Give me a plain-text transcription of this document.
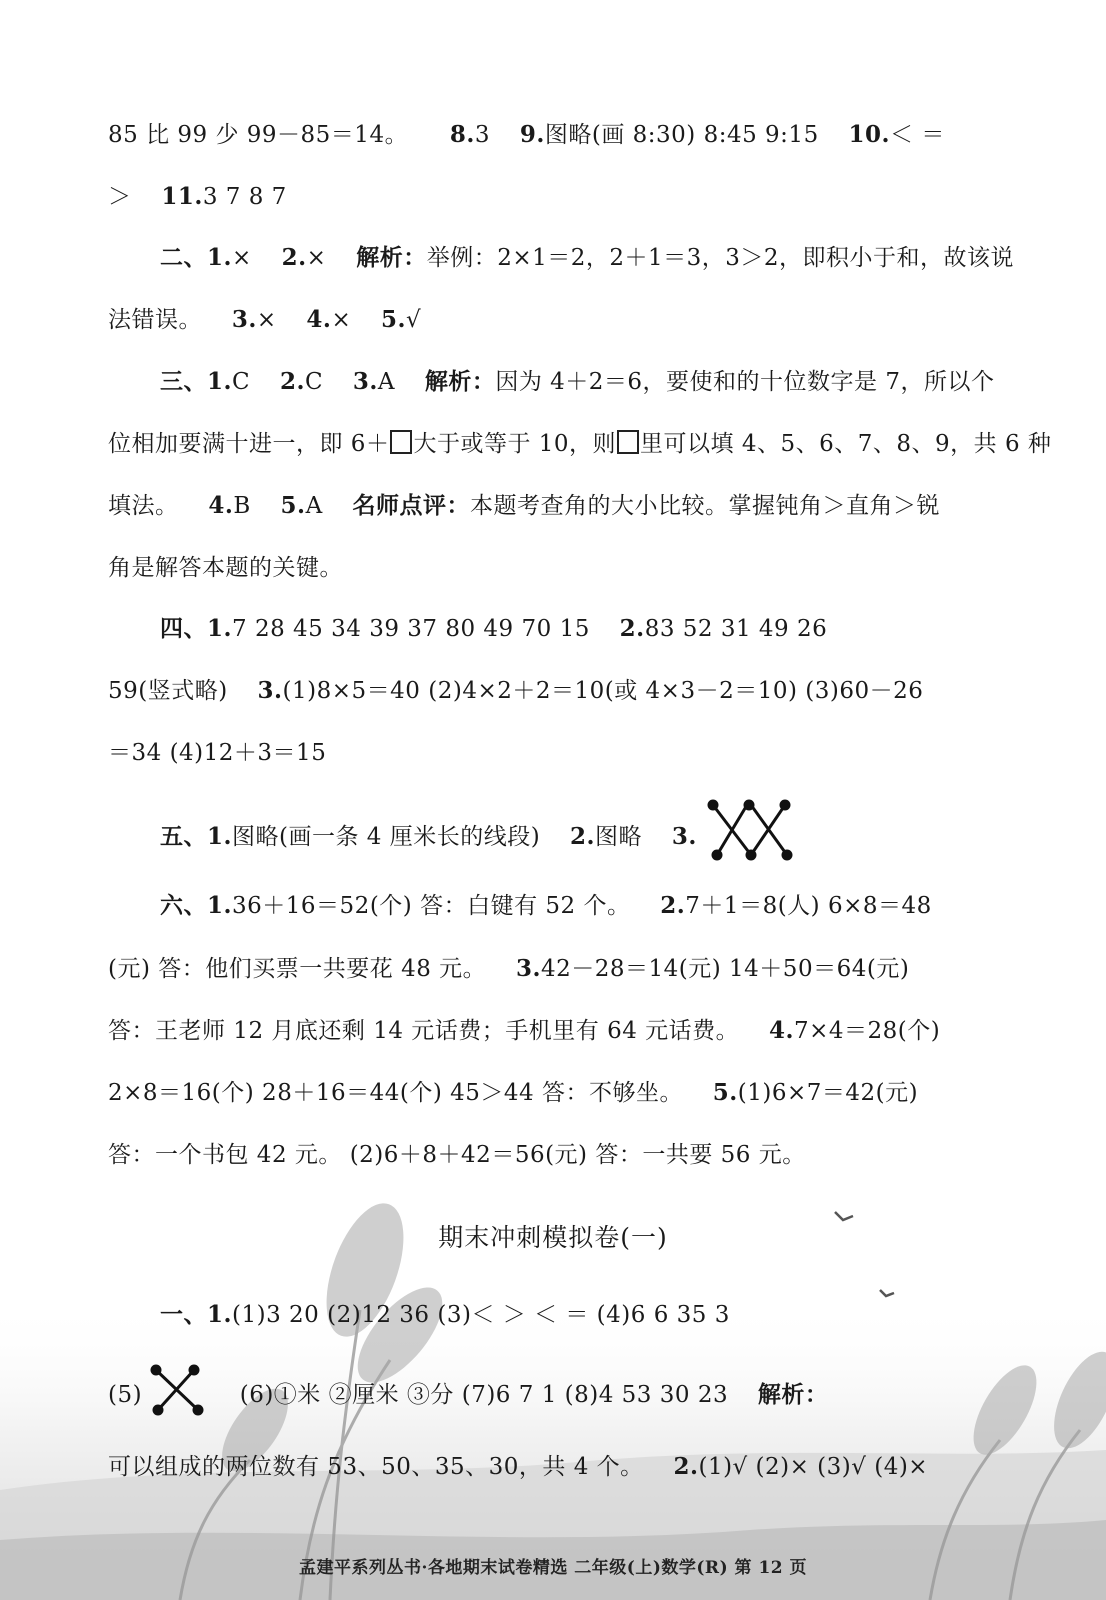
85 比 99 少 99－85＝14。 8.3 9.图略(画 8:30) 8:45 9:15 10.＜ ＝
＞ 11.3 7 8 7
二、1.× 2.× 解析：举例：2×1＝2，2＋1＝3，3＞2，即积小于和，故该说
法错误。 3.× 4.× 5.√
三、1.C 2.C 3.A 解析：因为 4＋2＝6，要使和的十位数字是 7，所以个
位相加要满十进一，即 6＋ 大于或等于 10，则 里可以填 4、5、6、7、8、9，共 6 种
填法。 4.B 5.A 名师点评：本题考查角的大小比较。掌握钝角＞直角＞锐
角是解答本题的关键。
四、1.7 28 45 34 39 37 80 49 70 15 2.83 52 31 49 26
59(竖式略) 3.(1)8×5＝40 (2)4×2＋2＝10(或 4×3－2＝10) (3)60－26
＝34 (4)12＋3＝15
五、1.图略(画一条 4 厘米长的线段) 2.图略 3.
六、1.36＋16＝52(个) 答：白键有 52 个。 2.7＋1＝8(人) 6×8＝48
(元) 答：他们买票一共要花 48 元。 3.42－28＝14(元) 14＋50＝64(元)
答：王老师 12 月底还剩 14 元话费；手机里有 64 元话费。 4.7×4＝28(个)
2×8＝16(个) 28＋16＝44(个) 45＞44 答：不够坐。 5.(1)6×7＝42(元)
答：一个书包 42 元。 (2)6＋8＋42＝56(元) 答：一共要 56 元。
期末冲刺模拟卷(一)
一、1.(1)3 20 (2)12 36 (3)＜ ＞ ＜ ＝ (4)6 6 35 3
(5)	(6)①米 ②厘米 ③分 (7)6 7 1 (8)4 53 30 23 解析：
可以组成的两位数有 53、50、35、30，共 4 个。 2.(1)√ (2)× (3)√ (4)×
孟建平系列丛书·各地期末试卷精选 二年级(上)数学(R) 第 12 页
